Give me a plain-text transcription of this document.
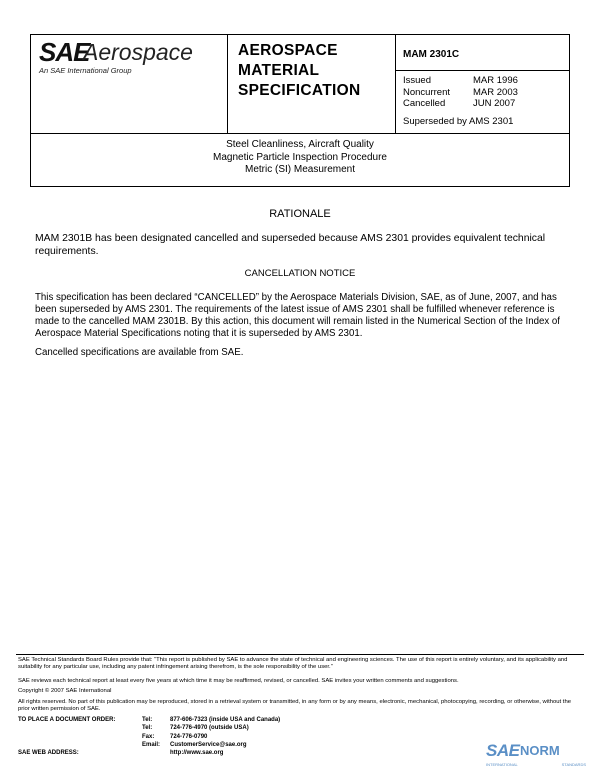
SAE
Aerospace
An SAE International Group
AEROSPACE
MATERIAL
SPECIFICATION
MAM 2301C
Issued	MAR 1996
Noncurrent MAR 2003
Cancelled	JUN 2007
Superseded by AMS 2301
Steel Cleanliness, Aircraft Quality
Magnetic Particle Inspection Procedure
Metric (SI) Measurement
RATIONALE
MAM 2301B has been designated cancelled and superseded because AMS 2301 provides equivalent technical requirements.
CANCELLATION NOTICE
This specification has been declared “CANCELLED” by the Aerospace Materials Division, SAE, as of June, 2007, and has been superseded by AMS 2301. The requirements of the latest issue of AMS 2301 shall be fulfilled whenever reference is made to the cancelled MAM 2301B. By this action, this document will remain listed in the Numerical Section of the Index of Aerospace Material Specifications noting that it is superseded by AMS 2301.
Cancelled specifications are available from SAE.
SAE Technical Standards Board Rules provide that: “This report is published by SAE to advance the state of technical and engineering sciences. The use of this report is entirely voluntary, and its applicability and suitability for any particular use, including any patent infringement arising therefrom, is the sole responsibility of the user.”
SAE reviews each technical report at least every five years at which time it may be reaffirmed, revised, or cancelled. SAE invites your written comments and suggestions.
Copyright © 2007 SAE International
All rights reserved. No part of this publication may be reproduced, stored in a retrieval system or transmitted, in any form or by any means, electronic, mechanical, photocopying, recording, or otherwise, without the prior written permission of SAE.
TO PLACE A DOCUMENT ORDER:	Tel:	877-606-7323 (inside USA and Canada)
Tel:	724-776-4970 (outside USA)
Fax:	724-776-0790
Email: CustomerService@sae.org
SAE WEB ADDRESS:	http://www.sae.org	SAE NORM
INTERNATIONAL	STANDARDS
